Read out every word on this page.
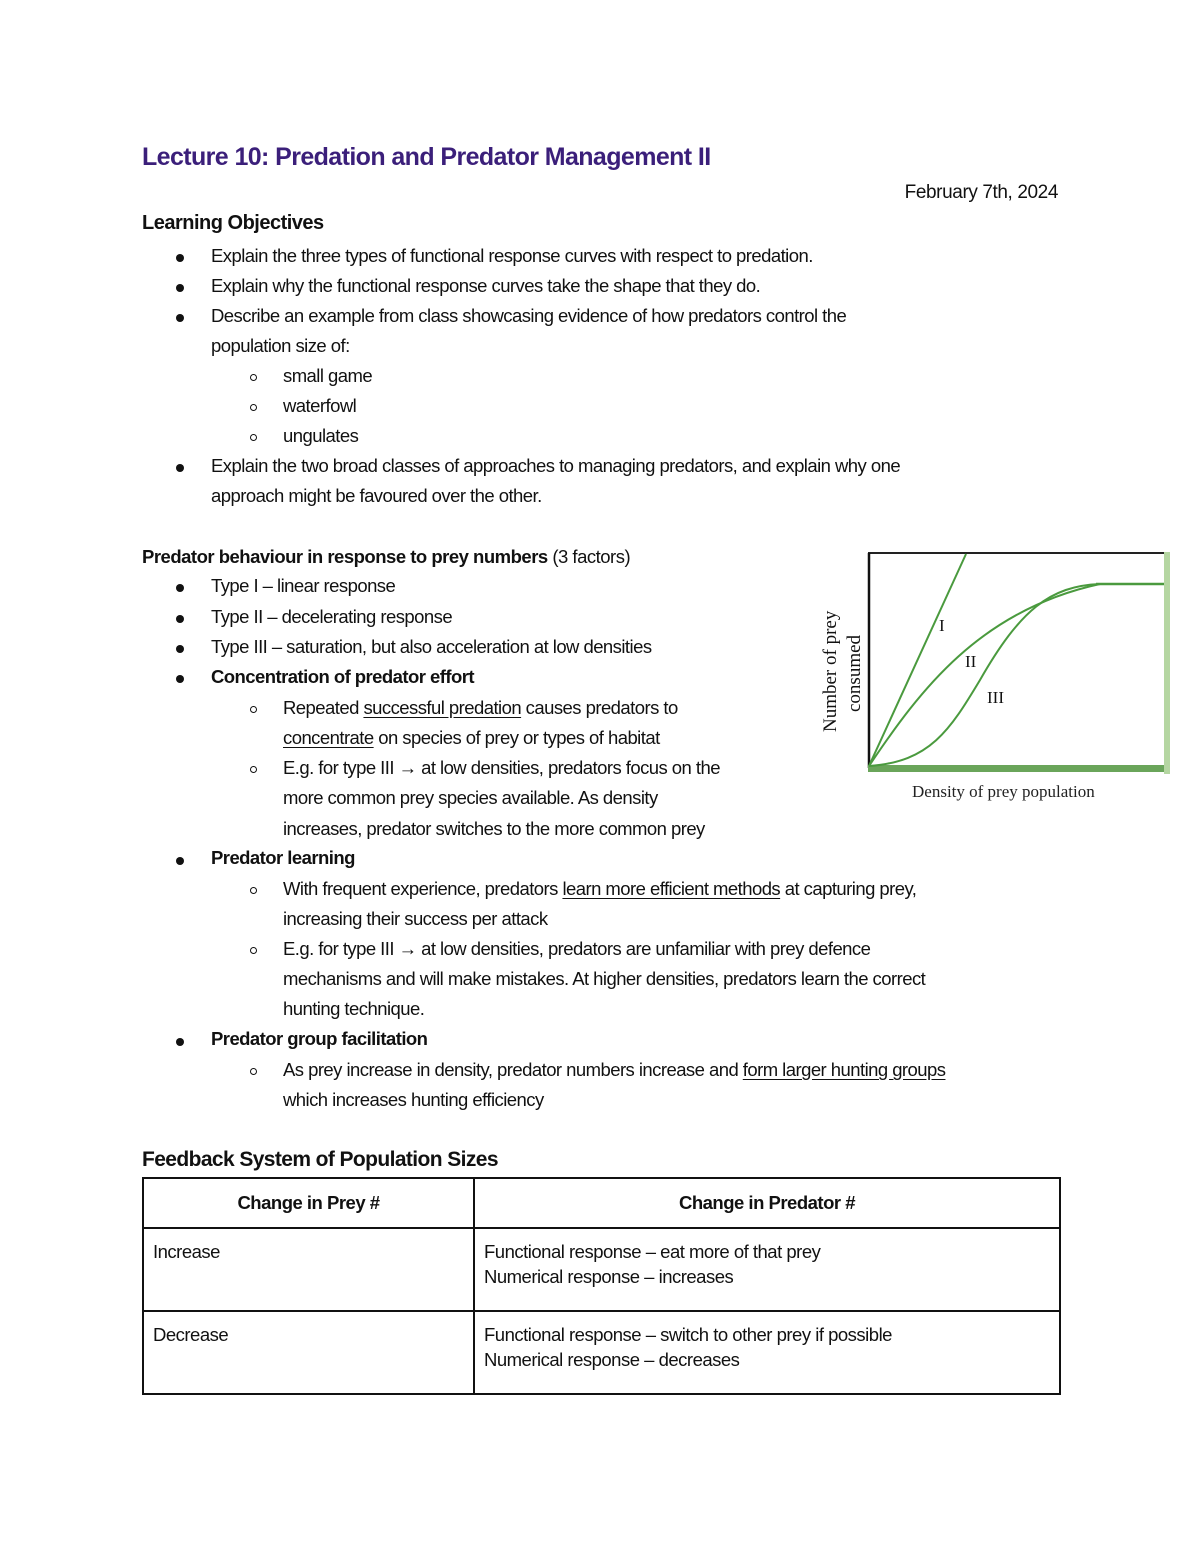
Lecture 10: Predation and Predator Management II
February 7th, 2024
Learning Objectives
Explain the three types of functional response curves with respect to predation.
Explain why the functional response curves take the shape that they do.
Describe an example from class showcasing evidence of how predators control the
population size of:
small game
waterfowl
ungulates
Explain the two broad classes of approaches to managing predators, and explain why one
approach might be favoured over the other.
Predator behaviour in response to prey numbers (3 factors)
Type I – linear response
Type II – decelerating response
Type III – saturation, but also acceleration at low densities
Concentration of predator effort
Repeated successful predation causes predators to
concentrate on species of prey or types of habitat
E.g. for type III → at low densities, predators focus on the
more common prey species available. As density
increases, predator switches to the more common prey
Predator learning
With frequent experience, predators learn more efficient methods at capturing prey,
increasing their success per attack
E.g. for type III → at low densities, predators are unfamiliar with prey defence
mechanisms and will make mistakes. At higher densities, predators learn the correct
hunting technique.
Predator group facilitation
As prey increase in density, predator numbers increase and form larger hunting groups
which increases hunting efficiency
I
II
III
Density of prey population
Number of prey consumed
Feedback System of Population Sizes
Change in Prey #	Change in Predator #
Increase	Functional response – eat more of that prey
Numerical response – increases

Decrease	Functional response – switch to other prey if possible
Numerical response – decreases
